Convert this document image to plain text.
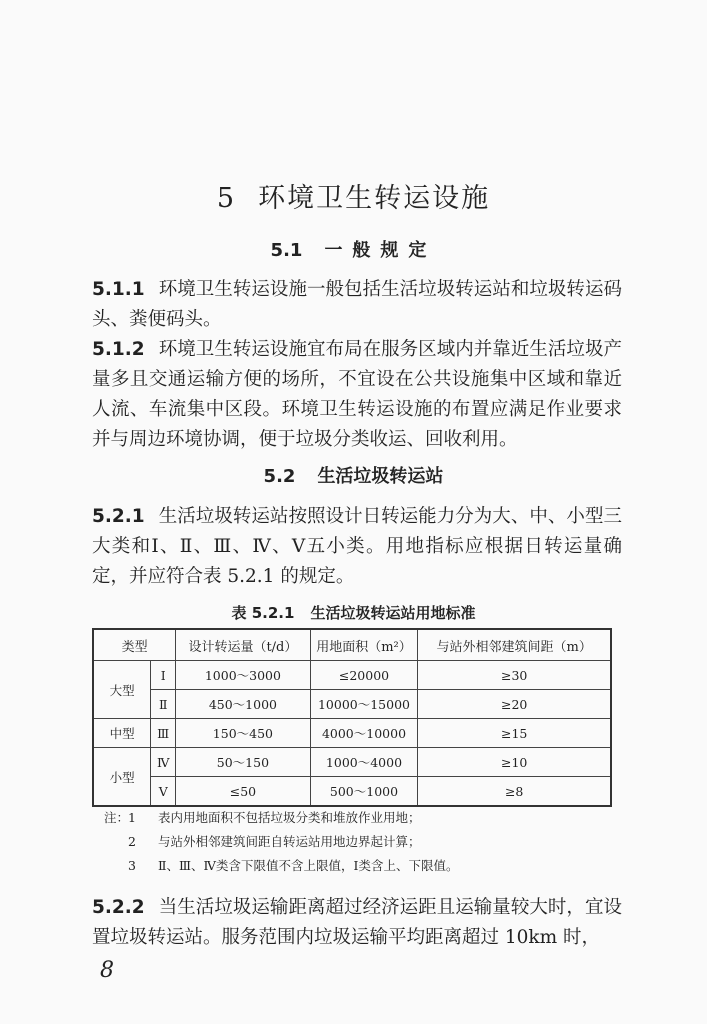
5 环境卫生转运设施
5.1 一般规定
5.1.1 环境卫生转运设施一般包括生活垃圾转运站和垃圾转运码头、粪便码头。
5.1.2 环境卫生转运设施宜布局在服务区域内并靠近生活垃圾产量多且交通运输方便的场所，不宜设在公共设施集中区域和靠近人流、车流集中区段。环境卫生转运设施的布置应满足作业要求并与周边环境协调，便于垃圾分类收运、回收利用。
5.2 生活垃圾转运站
5.2.1 生活垃圾转运站按照设计日转运能力分为大、中、小型三大类和Ⅰ、Ⅱ、Ⅲ、Ⅳ、Ⅴ五小类。用地指标应根据日转运量确定，并应符合表 5.2.1 的规定。
表 5.2.1 生活垃圾转运站用地标准
类型		设计转运量（t/d）	用地面积（m²）	与站外相邻建筑间距（m）
大型	Ⅰ	1000～3000	≤20000	≥30
	Ⅱ	450～1000	10000～15000	≥20
中型	Ⅲ	150～450	4000～10000	≥15
小型	Ⅳ	50～150	1000～4000	≥10
	Ⅴ	≤50	500～1000	≥8
注：1 表内用地面积不包括垃圾分类和堆放作业用地；
2 与站外相邻建筑间距自转运站用地边界起计算；
3 Ⅱ、Ⅲ、Ⅳ类含下限值不含上限值，Ⅰ类含上、下限值。
5.2.2 当生活垃圾运输距离超过经济运距且运输量较大时，宜设置垃圾转运站。服务范围内垃圾运输平均距离超过 10km 时，
8
